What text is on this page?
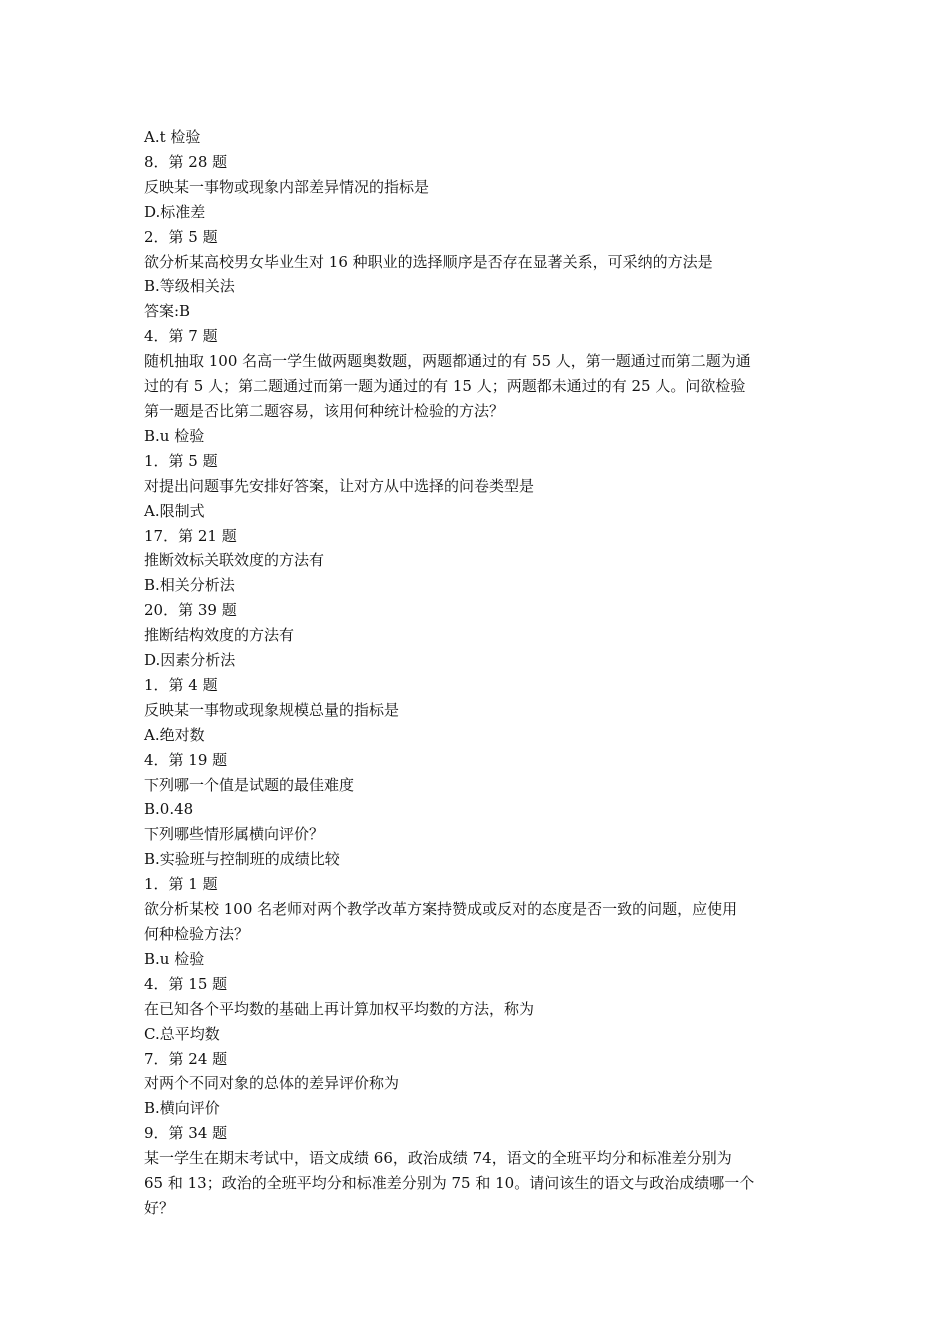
A.t 检验
8．第 28 题
反映某一事物或现象内部差异情况的指标是
D.标准差
2．第 5 题
欲分析某高校男女毕业生对 16 种职业的选择顺序是否存在显著关系，可采纳的方法是
B.等级相关法
答案:B
4．第 7 题
随机抽取 100 名高一学生做两题奥数题，两题都通过的有 55 人，第一题通过而第二题为通
过的有 5 人；第二题通过而第一题为通过的有 15 人；两题都未通过的有 25 人。问欲检验
第一题是否比第二题容易，该用何种统计检验的方法？
B.u 检验
1．第 5 题
对提出问题事先安排好答案，让对方从中选择的问卷类型是
A.限制式
17．第 21 题
推断效标关联效度的方法有
B.相关分析法
20．第 39 题
推断结构效度的方法有
D.因素分析法
1．第 4 题
反映某一事物或现象规模总量的指标是
A.绝对数
4．第 19 题
下列哪一个值是试题的最佳难度
B.0.48
下列哪些情形属横向评价？
B.实验班与控制班的成绩比较
1．第 1 题
欲分析某校 100 名老师对两个教学改革方案持赞成或反对的态度是否一致的问题，应使用
何种检验方法？
B.u 检验
4．第 15 题
在已知各个平均数的基础上再计算加权平均数的方法，称为
C.总平均数
7．第 24 题
对两个不同对象的总体的差异评价称为
B.横向评价
9．第 34 题
某一学生在期末考试中，语文成绩 66，政治成绩 74，语文的全班平均分和标准差分别为
65 和 13；政治的全班平均分和标准差分别为 75 和 10。请问该生的语文与政治成绩哪一个
好？
